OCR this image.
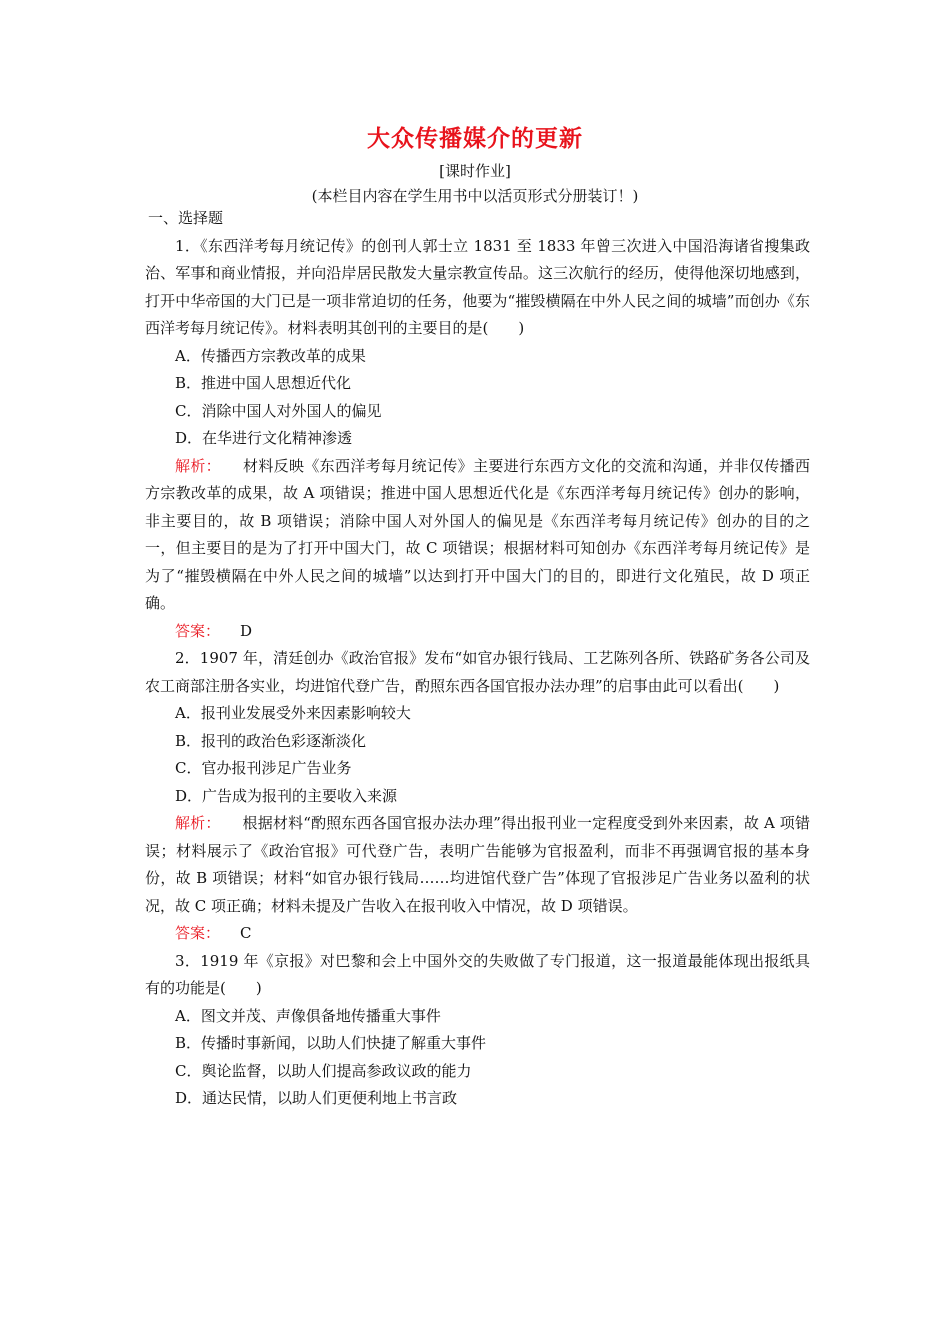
大众传播媒介的更新
[课时作业]
(本栏目内容在学生用书中以活页形式分册装订！)

一、选择题

1．《东西洋考每月统记传》的创刊人郭士立 1831 至 1833 年曾三次进入中国沿海诸省搜集政治、军事和商业情报，并向沿岸居民散发大量宗教宣传品。这三次航行的经历，使得他深切地感到，打开中华帝国的大门已是一项非常迫切的任务，他要为“摧毁横隔在中外人民之间的城墙”而创办《东西洋考每月统记传》。材料表明其创刊的主要目的是(　　)

A．传播西方宗教改革的成果

B．推进中国人思想近代化

C．消除中国人对外国人的偏见

D．在华进行文化精神渗透

解析： 材料反映《东西洋考每月统记传》主要进行东西方文化的交流和沟通，并非仅传播西方宗教改革的成果，故 A 项错误；推进中国人思想近代化是《东西洋考每月统记传》创办的影响，非主要目的，故 B 项错误；消除中国人对外国人的偏见是《东西洋考每月统记传》创办的目的之一，但主要目的是为了打开中国大门，故 C 项错误；根据材料可知创办《东西洋考每月统记传》是为了“摧毁横隔在中外人民之间的城墙”以达到打开中国大门的目的，即进行文化殖民，故 D 项正确。

答案： D

2．1907 年，清廷创办《政治官报》发布“如官办银行钱局、工艺陈列各所、铁路矿务各公司及农工商部注册各实业，均进馆代登广告，酌照东西各国官报办法办理”的启事由此可以看出(　　)

A．报刊业发展受外来因素影响较大

B．报刊的政治色彩逐渐淡化

C．官办报刊涉足广告业务

D．广告成为报刊的主要收入来源

解析： 根据材料“酌照东西各国官报办法办理”得出报刊业一定程度受到外来因素，故 A 项错误；材料展示了《政治官报》可代登广告，表明广告能够为官报盈利，而非不再强调官报的基本身份，故 B 项错误；材料“如官办银行钱局……均进馆代登广告”体现了官报涉足广告业务以盈利的状况，故 C 项正确；材料未提及广告收入在报刊收入中情况，故 D 项错误。

答案： C

3．1919 年《京报》对巴黎和会上中国外交的失败做了专门报道，这一报道最能体现出报纸具有的功能是(　　)

A．图文并茂、声像俱备地传播重大事件

B．传播时事新闻，以助人们快捷了解重大事件

C．舆论监督，以助人们提高参政议政的能力

D．通达民情，以助人们更便利地上书言政
